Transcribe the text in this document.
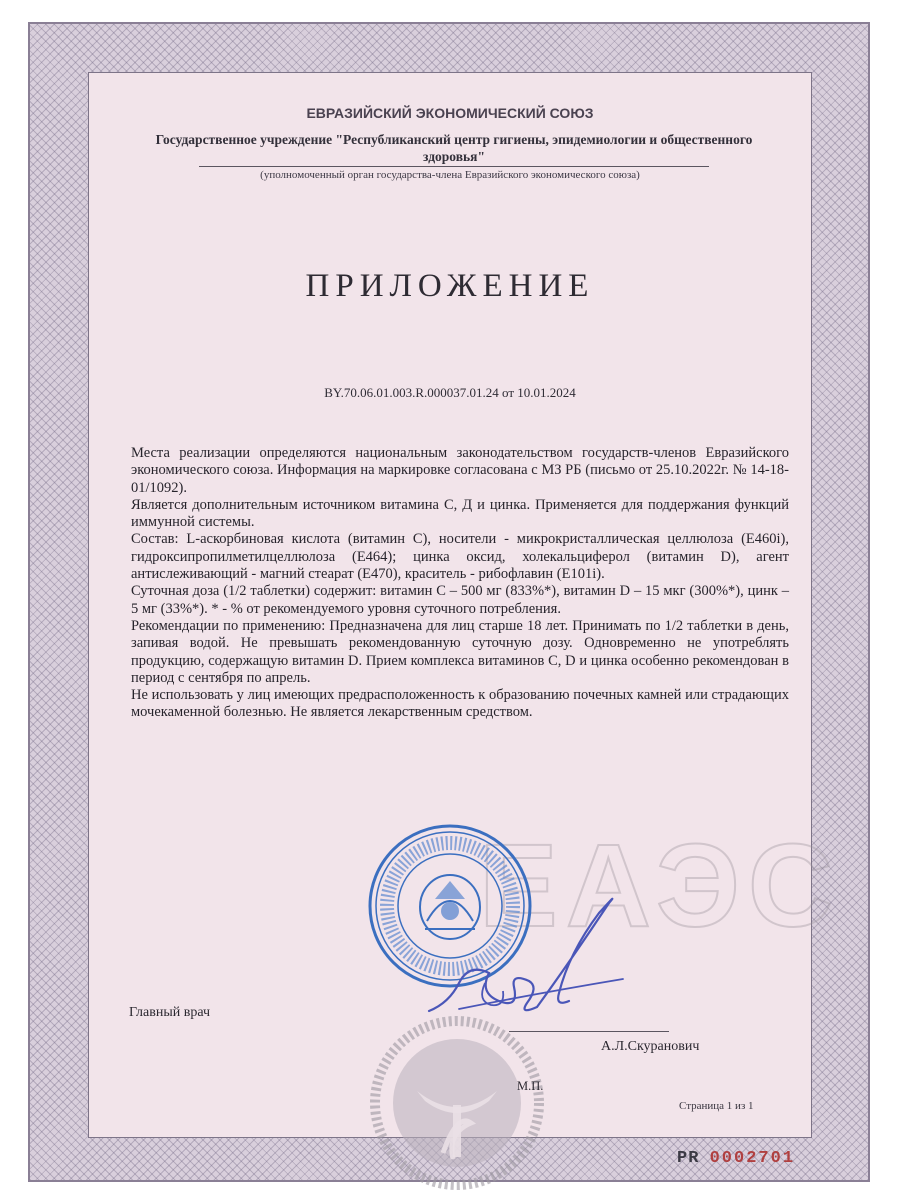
ЕАЭС
ЕВРАЗИЙСКИЙ ЭКОНОМИЧЕСКИЙ СОЮЗ
Государственное учреждение "Республиканский центр гигиены, эпидемиологии и общественного здоровья"
(уполномоченный орган государства-члена Евразийского экономического союза)
ПРИЛОЖЕНИЕ
BY.70.06.01.003.R.000037.01.24 от 10.01.2024

Места реализации определяются национальным законодательством государств-членов Евразийского экономического союза. Информация на маркировке согласована с МЗ РБ (письмо от 25.10.2022г. № 14-18-01/1092).

Является дополнительным источником витамина С, Д и цинка. Применяется для поддержания функций иммунной системы.

Состав: L-аскорбиновая кислота (витамин С), носители - микрокристаллическая целлюлоза (Е460i), гидроксипропилметилцеллюлоза (Е464); цинка оксид, холекальциферол (витамин D), агент антислеживающий - магний стеарат (Е470), краситель - рибофлавин (Е101i).

Суточная доза (1/2 таблетки) содержит: витамин С – 500 мг (833%*), витамин D – 15 мкг (300%*), цинк – 5 мг (33%*). * - % от рекомендуемого уровня суточного потребления.

Рекомендации по применению: Предназначена для лиц старше 18 лет. Принимать по 1/2 таблетки в день, запивая водой. Не превышать рекомендованную суточную дозу. Одновременно не употреблять продукцию, содержащую витамин D. Прием комплекса витаминов С, D и цинка особенно рекомендован в период с сентября по апрель.

Не использовать у лиц имеющих предрасположенность к образованию почечных камней или страдающих мочекаменной болезнью. Не является лекарственным средством.

Главный врач
А.Л.Скуранович
М.П.
Страница 1 из 1
PR 0002701
